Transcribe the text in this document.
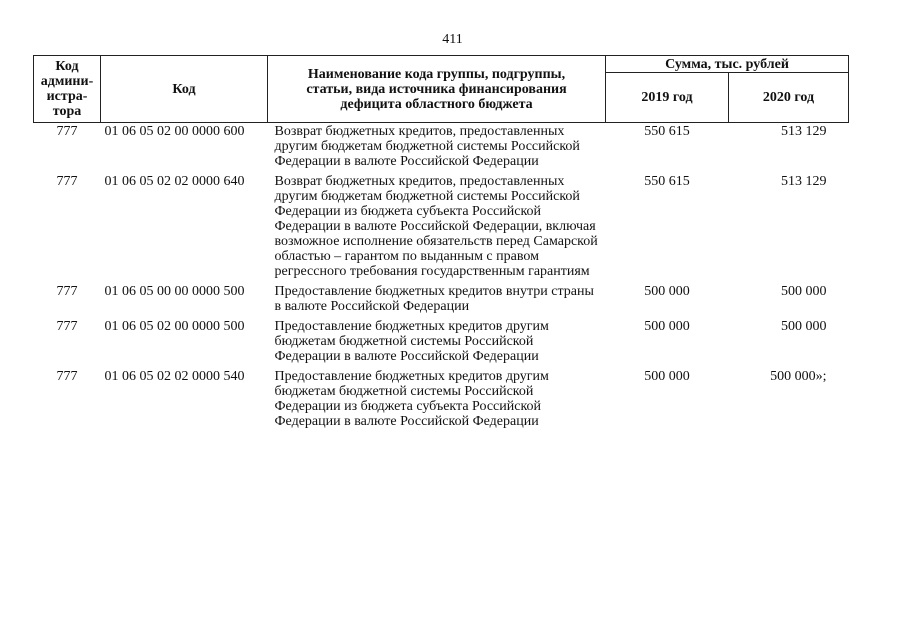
411
Код
админи-
истра-
тора	Код	Наименование кода группы, подгруппы,
статьи, вида источника финансирования
дефицита областного бюджета	Сумма, тыс. рублей	
			2019 год	2020 год
777	01 06 05 02 00 0000 600	Возврат бюджетных кредитов, предоставленных другим бюджетам бюджетной системы Российской Федерации в валюте Российской Федерации	550 615	513 129
777	01 06 05 02 02 0000 640	Возврат бюджетных кредитов, предоставленных другим бюджетам бюджетной системы Российской Федерации из бюджета субъекта Российской Федерации в валюте Российской Федерации, включая возможное исполнение обязательств перед Самарской областью – гарантом по выданным с правом регрессного требования государственным гарантиям	550 615	513 129
777	01 06 05 00 00 0000 500	Предоставление бюджетных кредитов внутри страны в валюте Российской Федерации	500 000	500 000
777	01 06 05 02 00 0000 500	Предоставление бюджетных кредитов другим бюджетам бюджетной системы Российской Федерации в валюте Российской Федерации	500 000	500 000
777	01 06 05 02 02 0000 540	Предоставление бюджетных кредитов другим бюджетам бюджетной системы Российской Федерации из бюджета субъекта Российской Федерации в валюте Российской Федерации	500 000	500 000»;
